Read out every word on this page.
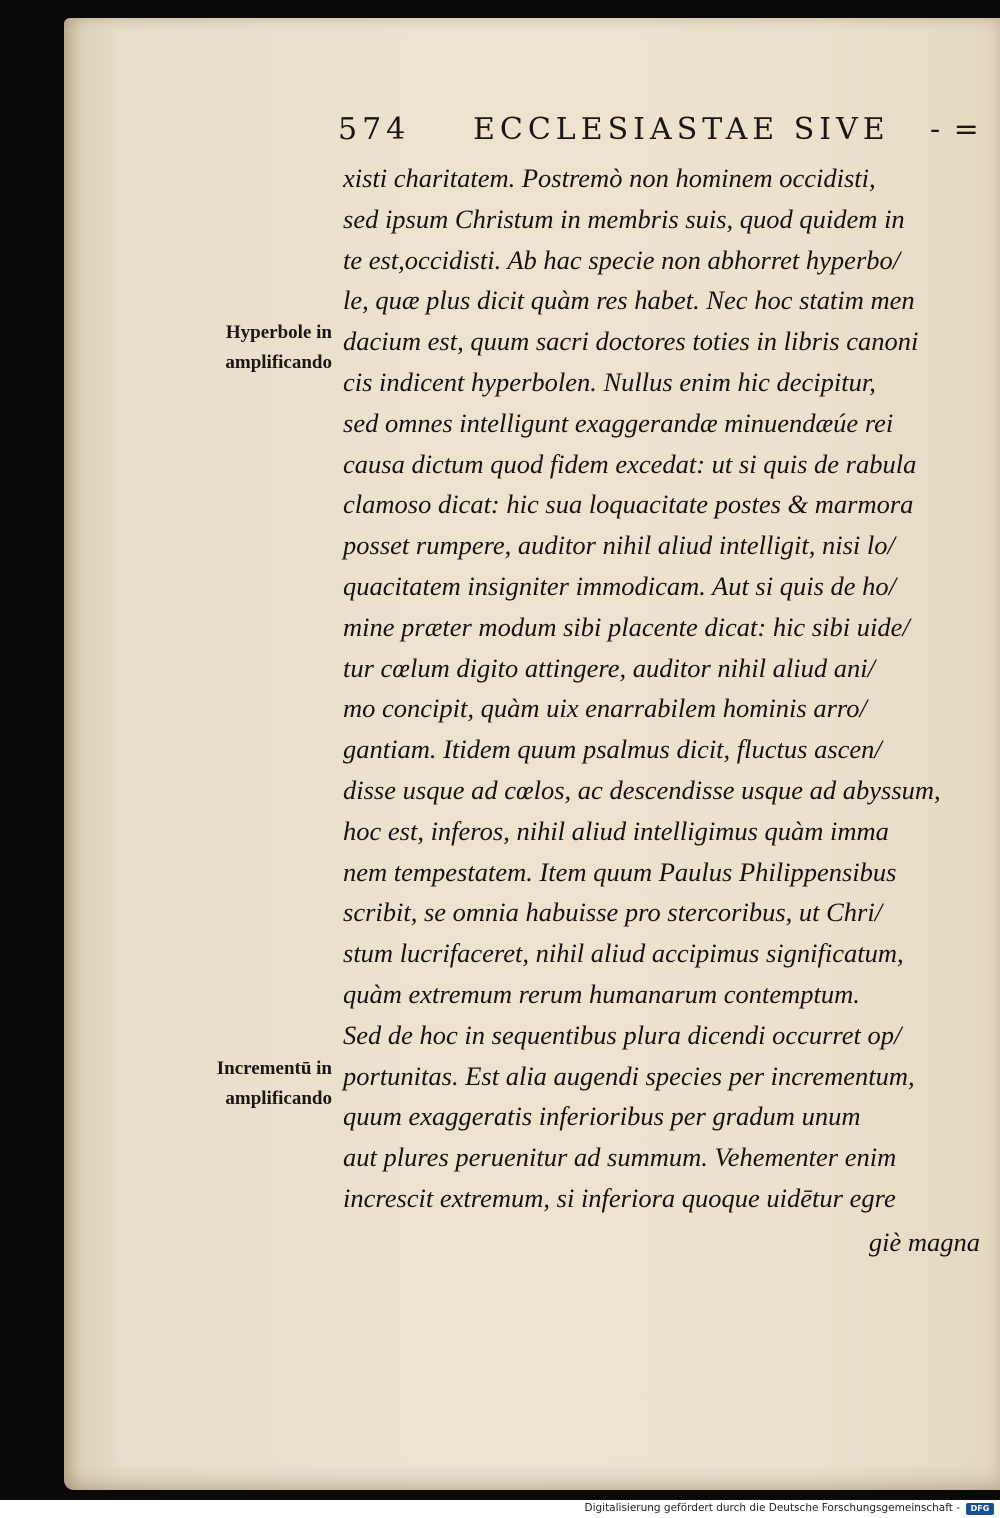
574 ECCLESIASTAE SIVE - =
Hyperbole in
amplificando
Incrementū in
amplificando
xisti charitatem. Postremò non hominem occidisti,
sed ipsum Christum in membris suis, quod quidem in
te est,occidisti. Ab hac specie non abhorret hyperbo/
le, quæ plus dicit quàm res habet. Nec hoc statim men
dacium est, quum sacri doctores toties in libris canoni
cis indicent hyperbolen. Nullus enim hic decipitur,
sed omnes intelligunt exaggerandæ minuendæúe rei
causa dictum quod fidem excedat: ut si quis de rabula
clamoso dicat: hic sua loquacitate postes & marmora
posset rumpere, auditor nihil aliud intelligit, nisi lo/
quacitatem insigniter immodicam. Aut si quis de ho/
mine præter modum sibi placente dicat: hic sibi uide/
tur cœlum digito attingere, auditor nihil aliud ani/
mo concipit, quàm uix enarrabilem hominis arro/
gantiam. Itidem quum psalmus dicit, fluctus ascen/
disse usque ad cœlos, ac descendisse usque ad abyssum,
hoc est, inferos, nihil aliud intelligimus quàm imma
nem tempestatem. Item quum Paulus Philippensibus
scribit, se omnia habuisse pro stercoribus, ut Chri/
stum lucrifaceret, nihil aliud accipimus significatum,
quàm extremum rerum humanarum contemptum.
Sed de hoc in sequentibus plura dicendi occurret op/
portunitas. Est alia augendi species per incrementum,
quum exaggeratis inferioribus per gradum unum
aut plures peruenitur ad summum. Vehementer enim
increscit extremum, si inferiora quoque uidētur egre
giè magna
Digitalisierung gefördert durch die Deutsche Forschungsgemeinschaft -	DFG
